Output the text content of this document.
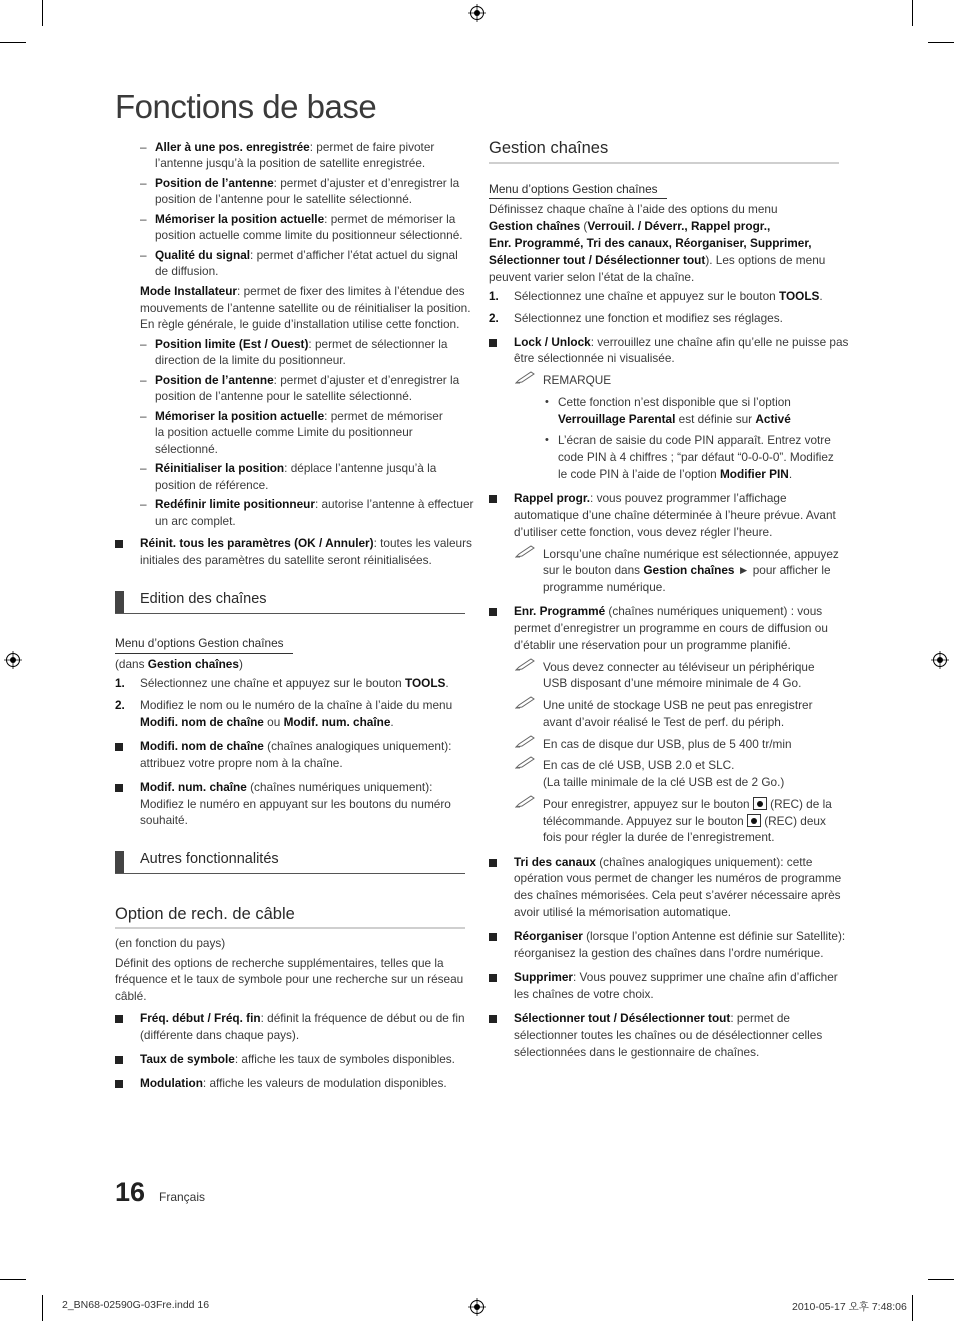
Fonctions de base
– Aller à une pos. enregistrée: permet de faire pivoter
l’antenne jusqu’à la position de satellite enregistrée.
– Position de l’antenne: permet d’ajuster et d’enregistrer la
position de l’antenne pour le satellite sélectionné.
– Mémoriser la position actuelle: permet de mémoriser la
position actuelle comme limite du positionneur sélectionné.
– Qualité du signal: permet d’afficher l’état actuel du signal
de diffusion.
Mode Installateur: permet de fixer des limites à l’étendue des
mouvements de l’antenne satellite ou de réinitialiser la position.
En règle générale, le guide d’installation utilise cette fonction.
– Position limite (Est / Ouest): permet de sélectionner la
direction de la limite du positionneur.
– Position de l’antenne: permet d’ajuster et d’enregistrer la
position de l’antenne pour le satellite sélectionné.
– Mémoriser la position actuelle: permet de mémoriser
la position actuelle comme Limite du positionneur
sélectionné.
– Réinitialiser la position: déplace l’antenne jusqu’à la
position de référence.
– Redéfinir limite positionneur: autorise l’antenne à effectuer
un arc complet.
Réinit. tous les paramètres (OK / Annuler): toutes les valeurs
initiales des paramètres du satellite seront réinitialisées.
Edition des chaînes
Menu d’options Gestion chaînes
(dans Gestion chaînes)
1. Sélectionnez une chaîne et appuyez sur le bouton TOOLS.
2. Modifiez le nom ou le numéro de la chaîne à l’aide du menu
Modifi. nom de chaîne ou Modif. num. chaîne.
Modifi. nom de chaîne (chaînes analogiques uniquement):
attribuez votre propre nom à la chaîne.
Modif. num. chaîne (chaînes numériques uniquement):
Modifiez le numéro en appuyant sur les boutons du numéro
souhaité.
Autres fonctionnalités
Option de rech. de câble
(en fonction du pays)
Définit des options de recherche supplémentaires, telles que la
fréquence et le taux de symbole pour une recherche sur un réseau
câblé.
Fréq. début / Fréq. fin: définit la fréquence de début ou de fin
(différente dans chaque pays).
Taux de symbole: affiche les taux de symboles disponibles.
Modulation: affiche les valeurs de modulation disponibles.
Gestion chaînes
Menu d’options Gestion chaînes
Définissez chaque chaîne à l’aide des options du menu
Gestion chaînes (Verrouil. / Déverr., Rappel progr.,
Enr. Programmé, Tri des canaux, Réorganiser, Supprimer,
Sélectionner tout / Désélectionner tout). Les options de menu
peuvent varier selon l’état de la chaîne.
1. Sélectionnez une chaîne et appuyez sur le bouton TOOLS.
2. Sélectionnez une fonction et modifiez ses réglages.
Lock / Unlock: verrouillez une chaîne afin qu’elle ne puisse pas
être sélectionnée ni visualisée.
REMARQUE
• Cette fonction n’est disponible que si l’option
Verrouillage Parental est définie sur Activé
• L’écran de saisie du code PIN apparaît. Entrez votre
code PIN à 4 chiffres ; “par défaut “0-0-0-0”. Modifiez
le code PIN à l’aide de l’option Modifier PIN.
Rappel progr.: vous pouvez programmer l’affichage
automatique d’une chaîne déterminée à l’heure prévue. Avant
d’utiliser cette fonction, vous devez régler l’heure.
Lorsqu’une chaîne numérique est sélectionnée, appuyez
sur le bouton dans Gestion chaînes ► pour afficher le
programme numérique.
Enr. Programmé (chaînes numériques uniquement) : vous
permet d’enregistrer un programme en cours de diffusion ou
d’établir une réservation pour un programme planifié.
Vous devez connecter au téléviseur un périphérique
USB disposant d’une mémoire minimale de 4 Go.
Une unité de stockage USB ne peut pas enregistrer
avant d’avoir réalisé le Test de perf. du périph.
En cas de disque dur USB, plus de 5 400 tr/min
En cas de clé USB, USB 2.0 et SLC.
(La taille minimale de la clé USB est de 2 Go.)
Pour enregistrer, appuyez sur le bouton  (REC) de la
télécommande. Appuyez sur le bouton  (REC) deux
fois pour régler la durée de l’enregistrement.
Tri des canaux (chaînes analogiques uniquement): cette
opération vous permet de changer les numéros de programme
des chaînes mémorisées. Cela peut s’avérer nécessaire après
avoir utilisé la mémorisation automatique.
Réorganiser (lorsque l’option Antenne est définie sur Satellite):
réorganisez la gestion des chaînes dans l’ordre numérique.
Supprimer: Vous pouvez supprimer une chaîne afin d’afficher
les chaînes de votre choix.
Sélectionner tout / Désélectionner tout: permet de
sélectionner toutes les chaînes ou de désélectionner celles
sélectionnées dans le gestionnaire de chaînes.
16 Français
2_BN68-02590G-03Fre.indd 16	2010-05-17 오후 7:48:06
